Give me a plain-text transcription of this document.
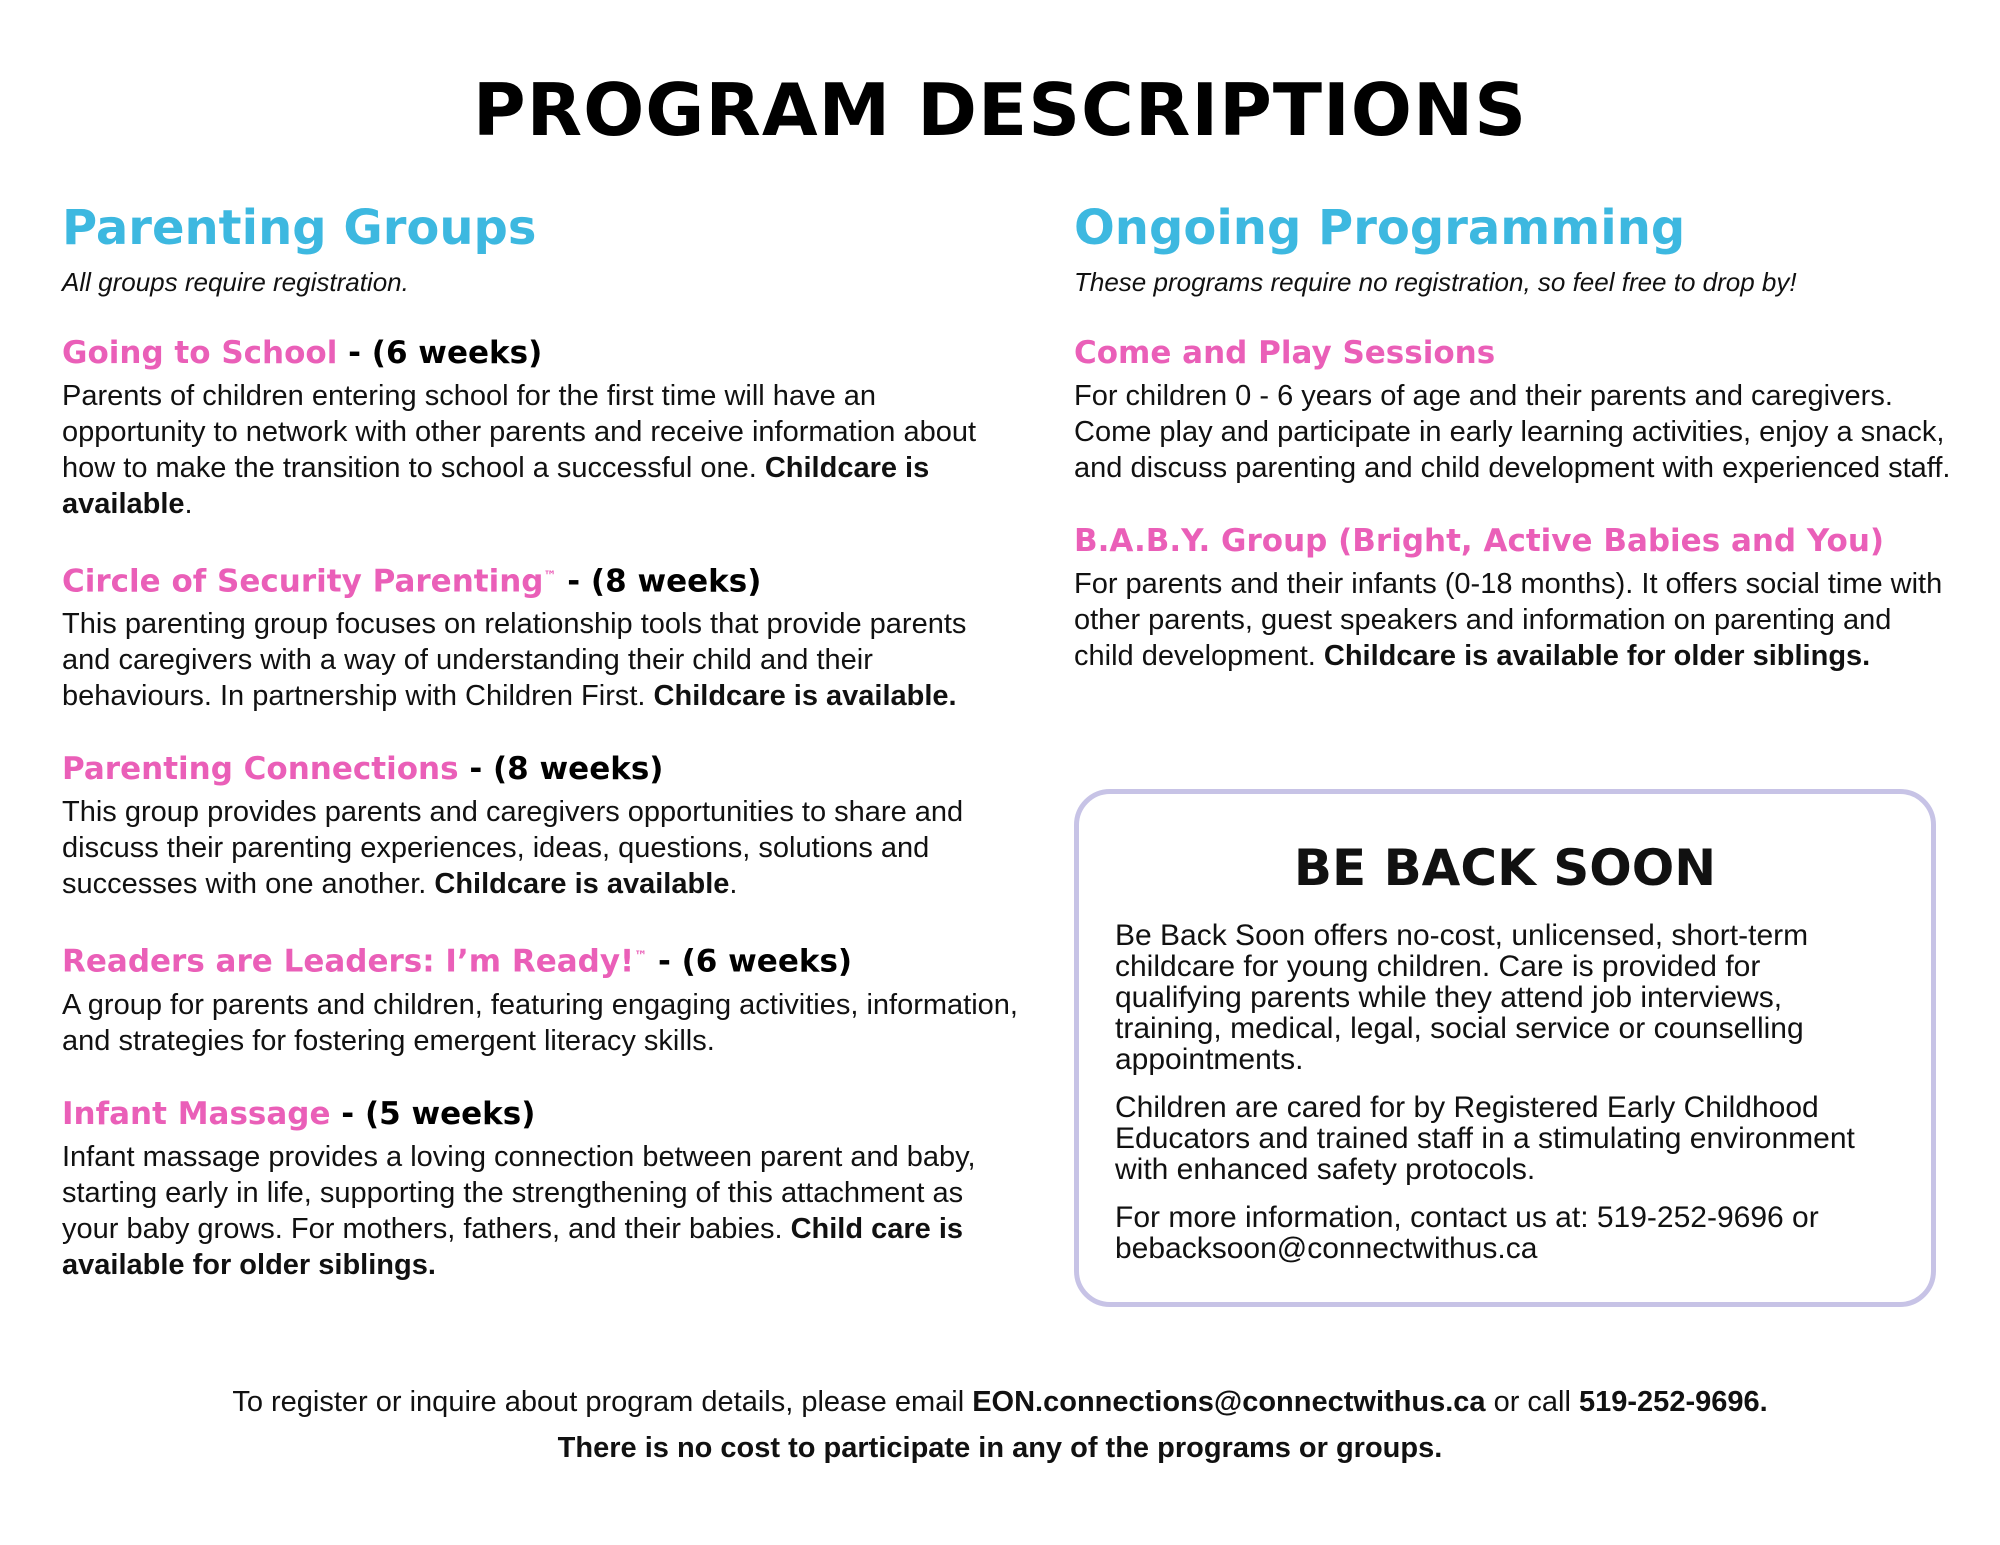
PROGRAM DESCRIPTIONS
Parenting Groups

All groups require registration.

Going to School - (6 weeks)
Parents of children entering school for the first time will have an opportunity to network with other parents and receive information about how to make the transition to school a successful one. Childcare is available.
Circle of Security Parenting™ - (8 weeks)
This parenting group focuses on relationship tools that provide parents and caregivers with a way of understanding their child and their behaviours. In partnership with Children First. Childcare is available.
Parenting Connections - (8 weeks)
This group provides parents and caregivers opportunities to share and discuss their parenting experiences, ideas, questions, solutions and successes with one another. Childcare is available.
Readers are Leaders: I’m Ready!™ - (6 weeks)
A group for parents and children, featuring engaging activities, information, and strategies for fostering emergent literacy skills.
Infant Massage - (5 weeks)
Infant massage provides a loving connection between parent and baby, starting early in life, supporting the strengthening of this attachment as your baby grows. For mothers, fathers, and their babies. Child care is available for older siblings.
Ongoing Programming

These programs require no registration, so feel free to drop by!

Come and Play Sessions
For children 0 - 6 years of age and their parents and caregivers. Come play and participate in early learning activities, enjoy a snack, and discuss parenting and child development with experienced staff.
B.A.B.Y. Group (Bright, Active Babies and You)
For parents and their infants (0-18 months). It offers social time with other parents, guest speakers and information on parenting and child development. Childcare is available for older siblings.
BE BACK SOON

Be Back Soon offers no-cost, unlicensed, short-term childcare for young children. Care is provided for qualifying parents while they attend job interviews, training, medical, legal, social service or counselling appointments.

Children are cared for by Registered Early Childhood Educators and trained staff in a stimulating environment with enhanced safety protocols.

For more information, contact us at: 519-252-9696 or bebacksoon@connectwithus.ca

To register or inquire about program details, please email EON.connections@connectwithus.ca or call 519-252-9696.
There is no cost to participate in any of the programs or groups.
